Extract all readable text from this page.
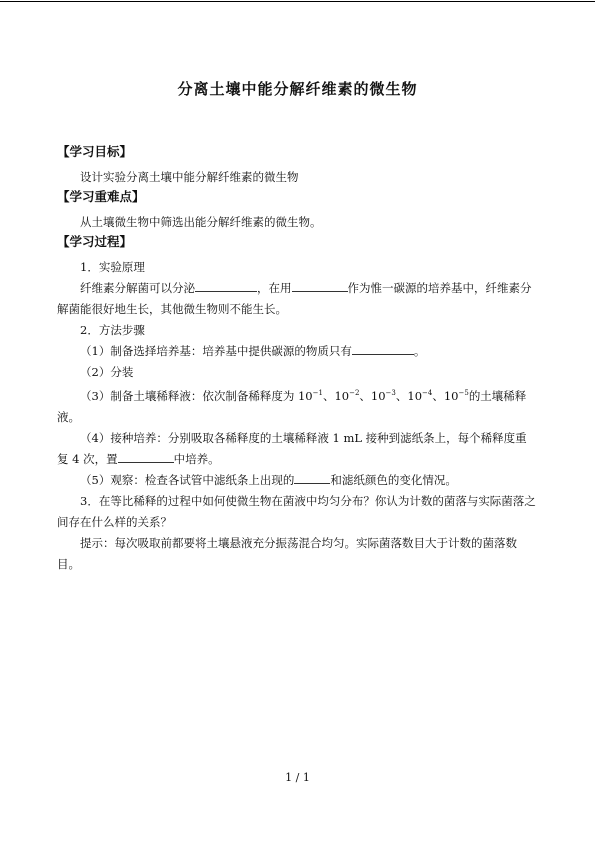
分离土壤中能分解纤维素的微生物
【学习目标】

设计实验分离土壤中能分解纤维素的微生物

【学习重难点】

从土壤微生物中筛选出能分解纤维素的微生物。

【学习过程】

1．实验原理

纤维素分解菌可以分泌	，在用	作为惟一碳源的培养基中，纤维素分解菌能很好地生长，其他微生物则不能生长。

2．方法步骤

（1）制备选择培养基：培养基中提供碳源的物质只有	。

（2）分装

（3）制备土壤稀释液：依次制备稀释度为 $10^{-1}$、$10^{-2}$、$10^{-3}$、$10^{-4}$、$10^{-5}$的土壤稀释液。

（4）接种培养：分别吸取各稀释度的土壤稀释液 1 mL 接种到滤纸条上，每个稀释度重复 4 次，置	中培养。

（5）观察：检查各试管中滤纸条上出现的	和滤纸颜色的变化情况。

3．在等比稀释的过程中如何使微生物在菌液中均匀分布？你认为计数的菌落与实际菌落之间存在什么样的关系？

提示：每次吸取前都要将土壤悬液充分振荡混合均匀。实际菌落数目大于计数的菌落数目。

1 / 1
